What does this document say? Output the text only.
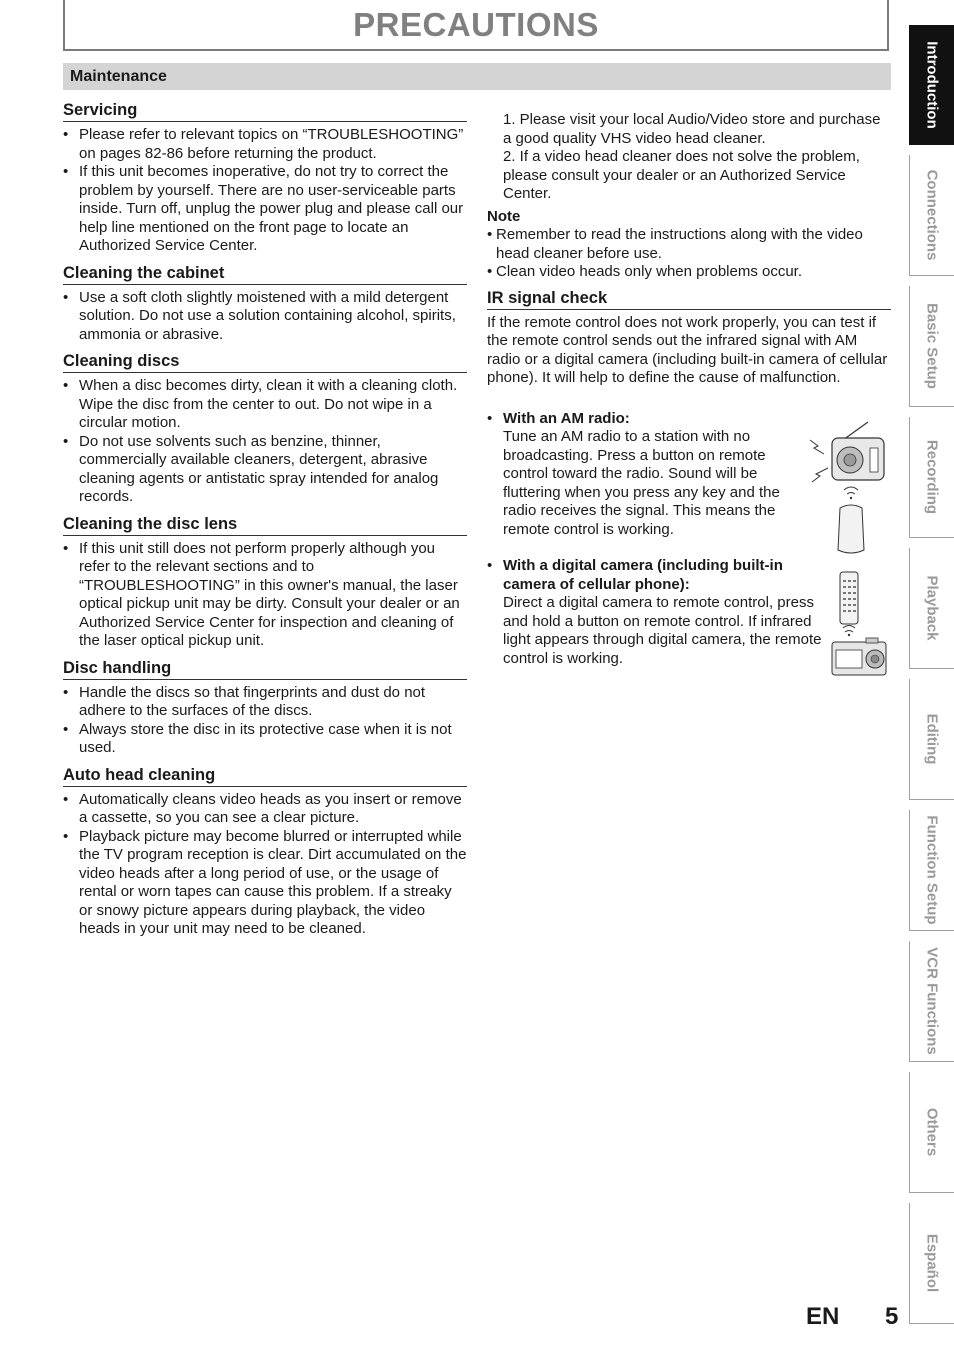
PRECAUTIONS
Maintenance
Servicing
• Please refer to relevant topics on “TROUBLESHOOTING” on pages 82-86 before returning the product.
• If this unit becomes inoperative, do not try to correct the problem by yourself. There are no user-serviceable parts inside. Turn off, unplug the power plug and please call our help line mentioned on the front page to locate an Authorized Service Center.
Cleaning the cabinet
• Use a soft cloth slightly moistened with a mild detergent solution. Do not use a solution containing alcohol, spirits, ammonia or abrasive.
Cleaning discs
• When a disc becomes dirty, clean it with a cleaning cloth. Wipe the disc from the center to out. Do not wipe in a circular motion.
• Do not use solvents such as benzine, thinner, commercially available cleaners, detergent, abrasive cleaning agents or antistatic spray intended for analog records.
Cleaning the disc lens
• If this unit still does not perform properly although you refer to the relevant sections and to “TROUBLESHOOTING” in this owner's manual, the laser optical pickup unit may be dirty. Consult your dealer or an Authorized Service Center for inspection and cleaning of the laser optical pickup unit.
Disc handling
• Handle the discs so that fingerprints and dust do not adhere to the surfaces of the discs.
• Always store the disc in its protective case when it is not used.
Auto head cleaning
• Automatically cleans video heads as you insert or remove a cassette, so you can see a clear picture.
• Playback picture may become blurred or interrupted while the TV program reception is clear. Dirt accumulated on the video heads after a long period of use, or the usage of rental or worn tapes can cause this problem. If a streaky or snowy picture appears during playback, the video heads in your unit may need to be cleaned.
1. Please visit your local Audio/Video store and purchase a good quality VHS video head cleaner.
2. If a video head cleaner does not solve the problem, please consult your dealer or an Authorized Service Center.
Note
• Remember to read the instructions along with the video head cleaner before use.
• Clean video heads only when problems occur.
IR signal check

If the remote control does not work properly, you can test if the remote control sends out the infrared signal with AM radio or a digital camera (including built-in camera of cellular phone). It will help to define the cause of malfunction.

• With an AM radio:
Tune an AM radio to a station with no broadcasting. Press a button on remote control toward the radio. Sound will be fluttering when you press any key and the radio receives the signal. This means the remote control is working.
• With a digital camera (including built-in camera of cellular phone):
Direct a digital camera to remote control, press and hold a button on remote control. If infrared light appears through digital camera, the remote control is working.
Introduction
Connections
Basic Setup
Recording
Playback
Editing
Function Setup
VCR Functions
Others
Español
EN 5
